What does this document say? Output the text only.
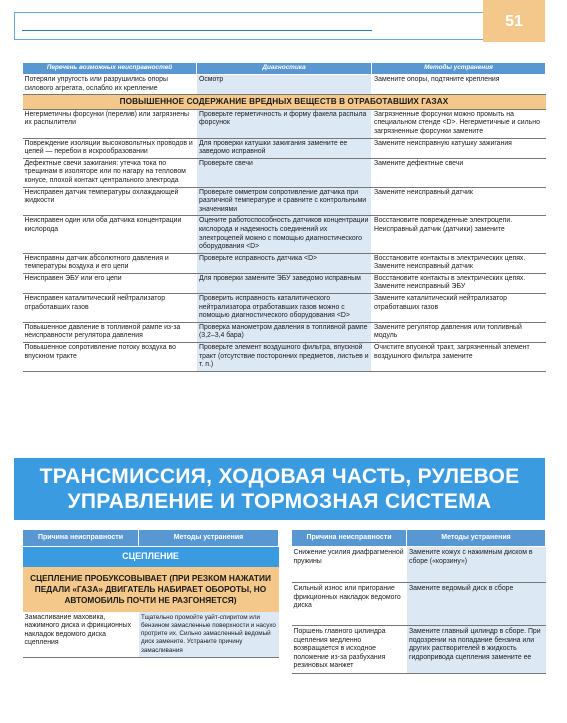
51
Перечень возможных неисправностей	Диагностика	Методы устранения
Потеряли упругость или разрушились опоры силового агрегата, ослабло их крепление	Осмотр	Замените опоры, подтяните крепления
ПОВЫШЕННОЕ СОДЕРЖАНИЕ ВРЕДНЫХ ВЕЩЕСТВ В ОТРАБОТАВШИХ ГАЗАХ		
Негерметичны форсунки (перелив) или загрязнены их распылители	Проверьте герметичность и форму факела распыла форсунок	Загрязненные форсунки можно промыть на специальном стенде <D>. Негерметичные и сильно загрязненные форсунки замените
Повреждение изоляции высоковольтных проводов и цепей — перебои в искрообразовании	Для проверки катушки зажигания замените ее заведомо исправной	Замените неисправную катушку зажигания
Дефектные свечи зажигания: утечка тока по трещинам в изоляторе или по нагару на тепловом конусе, плохой контакт центрального электрода	Проверьте свечи	Замените дефектные свечи
Неисправен датчик температуры охлаждающей жидкости	Проверьте омметром сопротивление датчика при различной температуре и сравните с контрольными значениями	Замените неисправный датчик
Неисправен один или оба датчика концентрации кислорода	Оцените работоспособность датчиков концентрации кислорода и надежность соединений их электроцепей можно с помощью диагностического оборудования <D>	Восстановите поврежденные электроцепи. Неисправный датчик (датчики) замените
Неисправны датчик абсолютного давления и температуры воздуха и его цепи	Проверьте исправность датчика <D>	Восстановите контакты в электрических цепях. Замените неисправный датчик
Неисправен ЭБУ или его цепи	Для проверки замените ЭБУ заведомо исправным	Восстановите контакты в электрических цепях. Замените неисправный ЭБУ
Неисправен каталитический нейтрализатор отработавших газов	Проверить исправность каталитического нейтрализатора отработавших газов можно с помощью диагностического оборудования <D>	Замените каталитический нейтрализатор отработавших газов
Повышенное давление в топливной рампе из-за неисправности регулятора давления	Проверка манометром давления в топливной рампе (3,2–3,4 бара)	Замените регулятор давления или топливный модуль
Повышенное сопротивление потоку воздуха во впускном тракте	Проверьте элемент воздушного фильтра, впускной тракт (отсутствие посторонних предметов, листьев и т. п.)	Очистите впускной тракт, загрязненный элемент воздушного фильтра замените
ТРАНСМИССИЯ, ХОДОВАЯ ЧАСТЬ, РУЛЕВОЕ УПРАВЛЕНИЕ И ТОРМОЗНАЯ СИСТЕМА
Причина неисправности	Методы устранения
СЦЕПЛЕНИЕ	
СЦЕПЛЕНИЕ ПРОБУКСОВЫВАЕТ (ПРИ РЕЗКОМ НАЖАТИИ ПЕДАЛИ «ГАЗА» ДВИГАТЕЛЬ НАБИРАЕТ ОБОРОТЫ, НО АВТОМОБИЛЬ ПОЧТИ НЕ РАЗГОНЯЕТСЯ)	
Замасливание маховика, нажимного диска и фрикционных накладок ведомого диска сцепления	Тщательно промойте уайт-спиритом или бензином замасленные поверхности и насухо протрите их. Сильно замасленный ведомый диск замените. Устраните причину замасливания
Причина неисправности	Методы устранения
Снижение усилия диафрагменной пружины	Замените кожух с нажимным диском в сборе («корзину»)
Сильный износ или пригорание фрикционных накладок ведомого диска	Замените ведомый диск в сборе
Поршень главного цилиндра сцепления медленно возвращается в исходное положение из-за разбухания резиновых манжет	Замените главный цилиндр в сборе. При подозрении на попадание бензина или других растворителей в жидкость гидропривода сцепления замените ее
